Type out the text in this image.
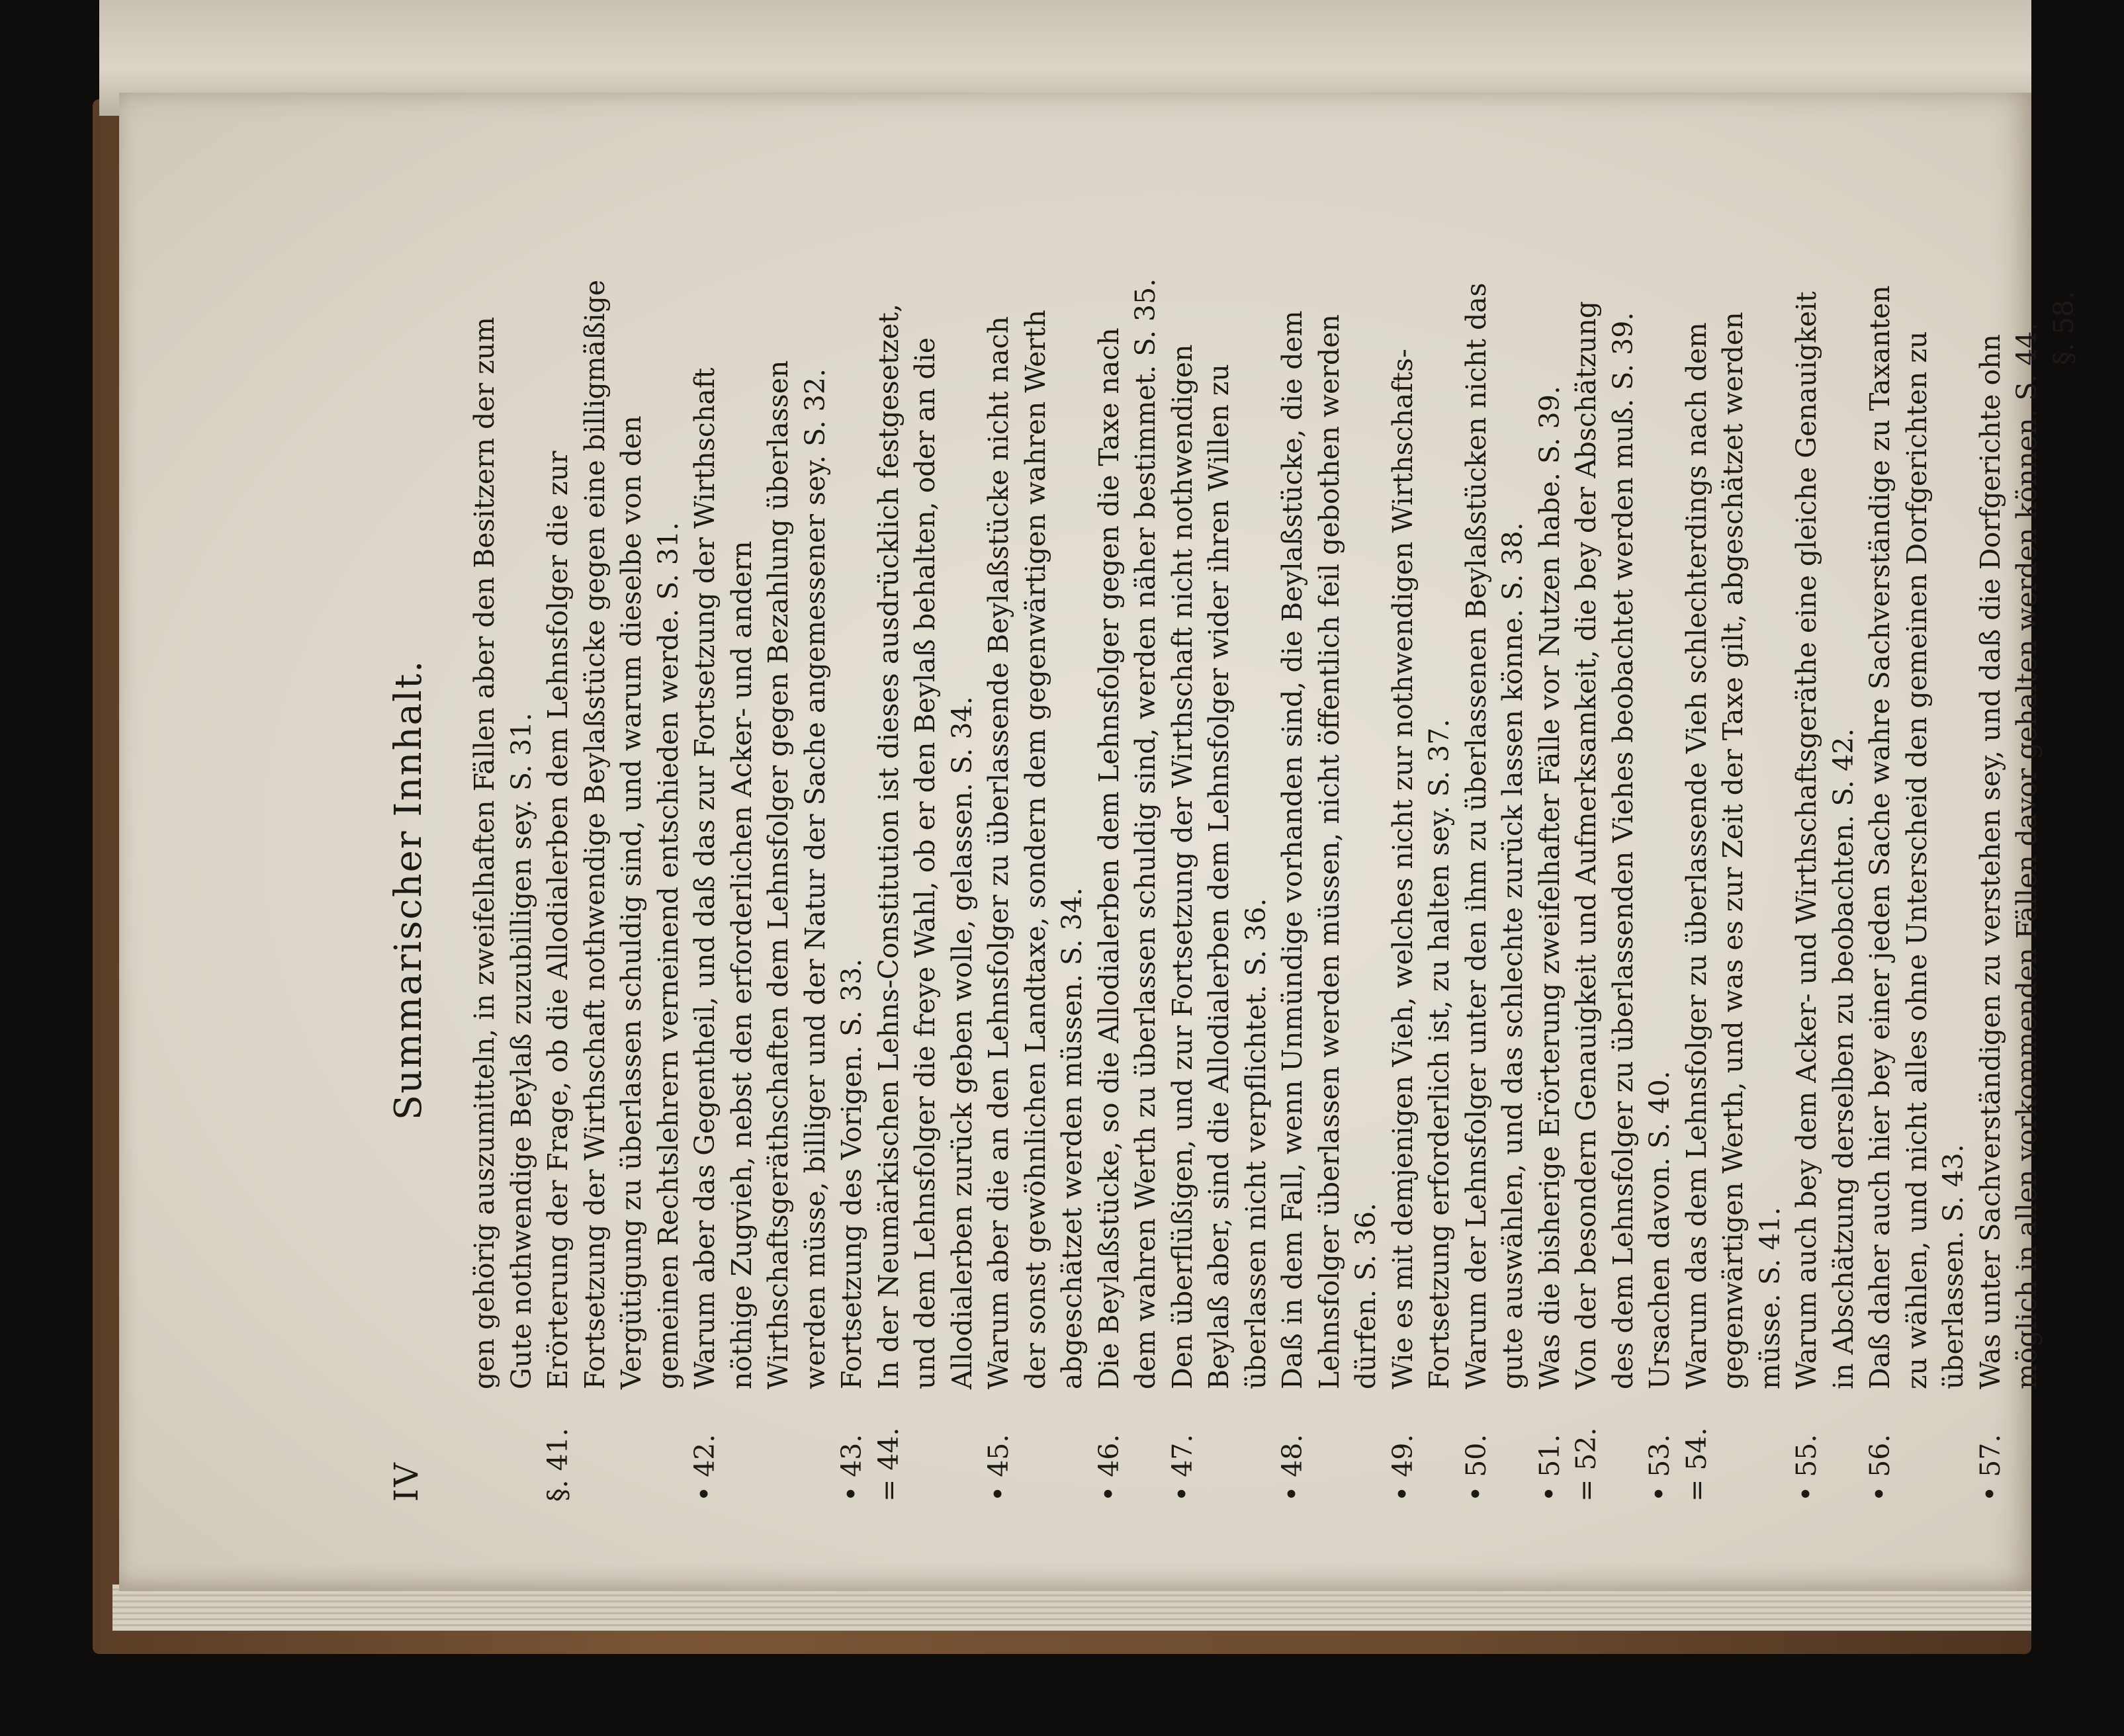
IV
Summarischer Innhalt. gen gehörig auszumitteln, in zweifelhaften Fällen aber den Besitzern der zum Gute nothwendige Beylaß zuzubilligen sey. S. 31.
§. 41.
Erörterung der Frage, ob die Allodialerben dem Lehnsfolger die zur Fortsetzung der Wirthschaft nothwendige Beylaßstücke gegen eine billigmäßige Vergütigung zu überlassen schuldig sind, und warum dieselbe von den gemeinen Rechtslehrern verneinend entschieden werde. S. 31.
• 42.
Warum aber das Gegentheil, und daß das zur Fortsetzung der Wirthschaft nöthige Zugvieh, nebst den erforderlichen Acker- und andern Wirthschaftsgeräthschaften dem Lehnsfolger gegen Bezahlung überlassen werden müsse, billiger und der Natur der Sache angemessener sey. S. 32.
• 43.
Fortsetzung des Vorigen. S. 33.
= 44.
In der Neumärkischen Lehns-Constitution ist dieses ausdrücklich festgesetzet, und dem Lehnsfolger die freye Wahl, ob er den Beylaß behalten, oder an die Allodialerben zurück geben wolle, gelassen. S. 34.
• 45.
Warum aber die an den Lehnsfolger zu überlassende Beylaßstücke nicht nach der sonst gewöhnlichen Landtaxe, sondern dem gegenwärtigen wahren Werth abgeschätzet werden müssen. S. 34.
• 46.
Die Beylaßstücke, so die Allodialerben dem Lehnsfolger gegen die Taxe nach dem wahren Werth zu überlassen schuldig sind, werden näher bestimmet. S. 35.
• 47.
Den überflüßigen, und zur Fortsetzung der Wirthschaft nicht nothwendigen Beylaß aber, sind die Allodialerben dem Lehnsfolger wider ihren Willen zu überlassen nicht verpflichtet. S. 36.
• 48.
Daß in dem Fall, wenn Unmündige vorhanden sind, die Beylaßstücke, die dem Lehnsfolger überlassen werden müssen, nicht öffentlich feil gebothen werden dürfen. S. 36.
• 49.
Wie es mit demjenigen Vieh, welches nicht zur nothwendigen Wirthschafts-Fortsetzung erforderlich ist, zu halten sey. S. 37.
• 50.
Warum der Lehnsfolger unter den ihm zu überlassenen Beylaßstücken nicht das gute auswählen, und das schlechte zurück lassen könne. S. 38.
• 51.
Was die bisherige Erörterung zweifelhafter Fälle vor Nutzen habe. S. 39.
= 52.
Von der besondern Genauigkeit und Aufmerksamkeit, die bey der Abschätzung des dem Lehnsfolger zu überlassenden Viehes beobachtet werden muß. S. 39.
• 53.
Ursachen davon. S. 40.
= 54.
Warum das dem Lehnsfolger zu überlassende Vieh schlechterdings nach dem gegenwärtigen Werth, und was es zur Zeit der Taxe gilt, abgeschätzet werden müsse. S. 41.
• 55.
Warum auch bey dem Acker- und Wirthschaftsgeräthe eine gleiche Genauigkeit in Abschätzung derselben zu beobachten. S. 42.
• 56.
Daß daher auch hier bey einer jeden Sache wahre Sachverständige zu Taxanten zu wählen, und nicht alles ohne Unterscheid den gemeinen Dorfgerichten zu überlassen. S. 43.
• 57.
Was unter Sachverständigen zu verstehen sey, und daß die Dorfgerichte ohn möglich in allen vorkommenden Fällen davor gehalten werden können. S. 44. §. 58.
